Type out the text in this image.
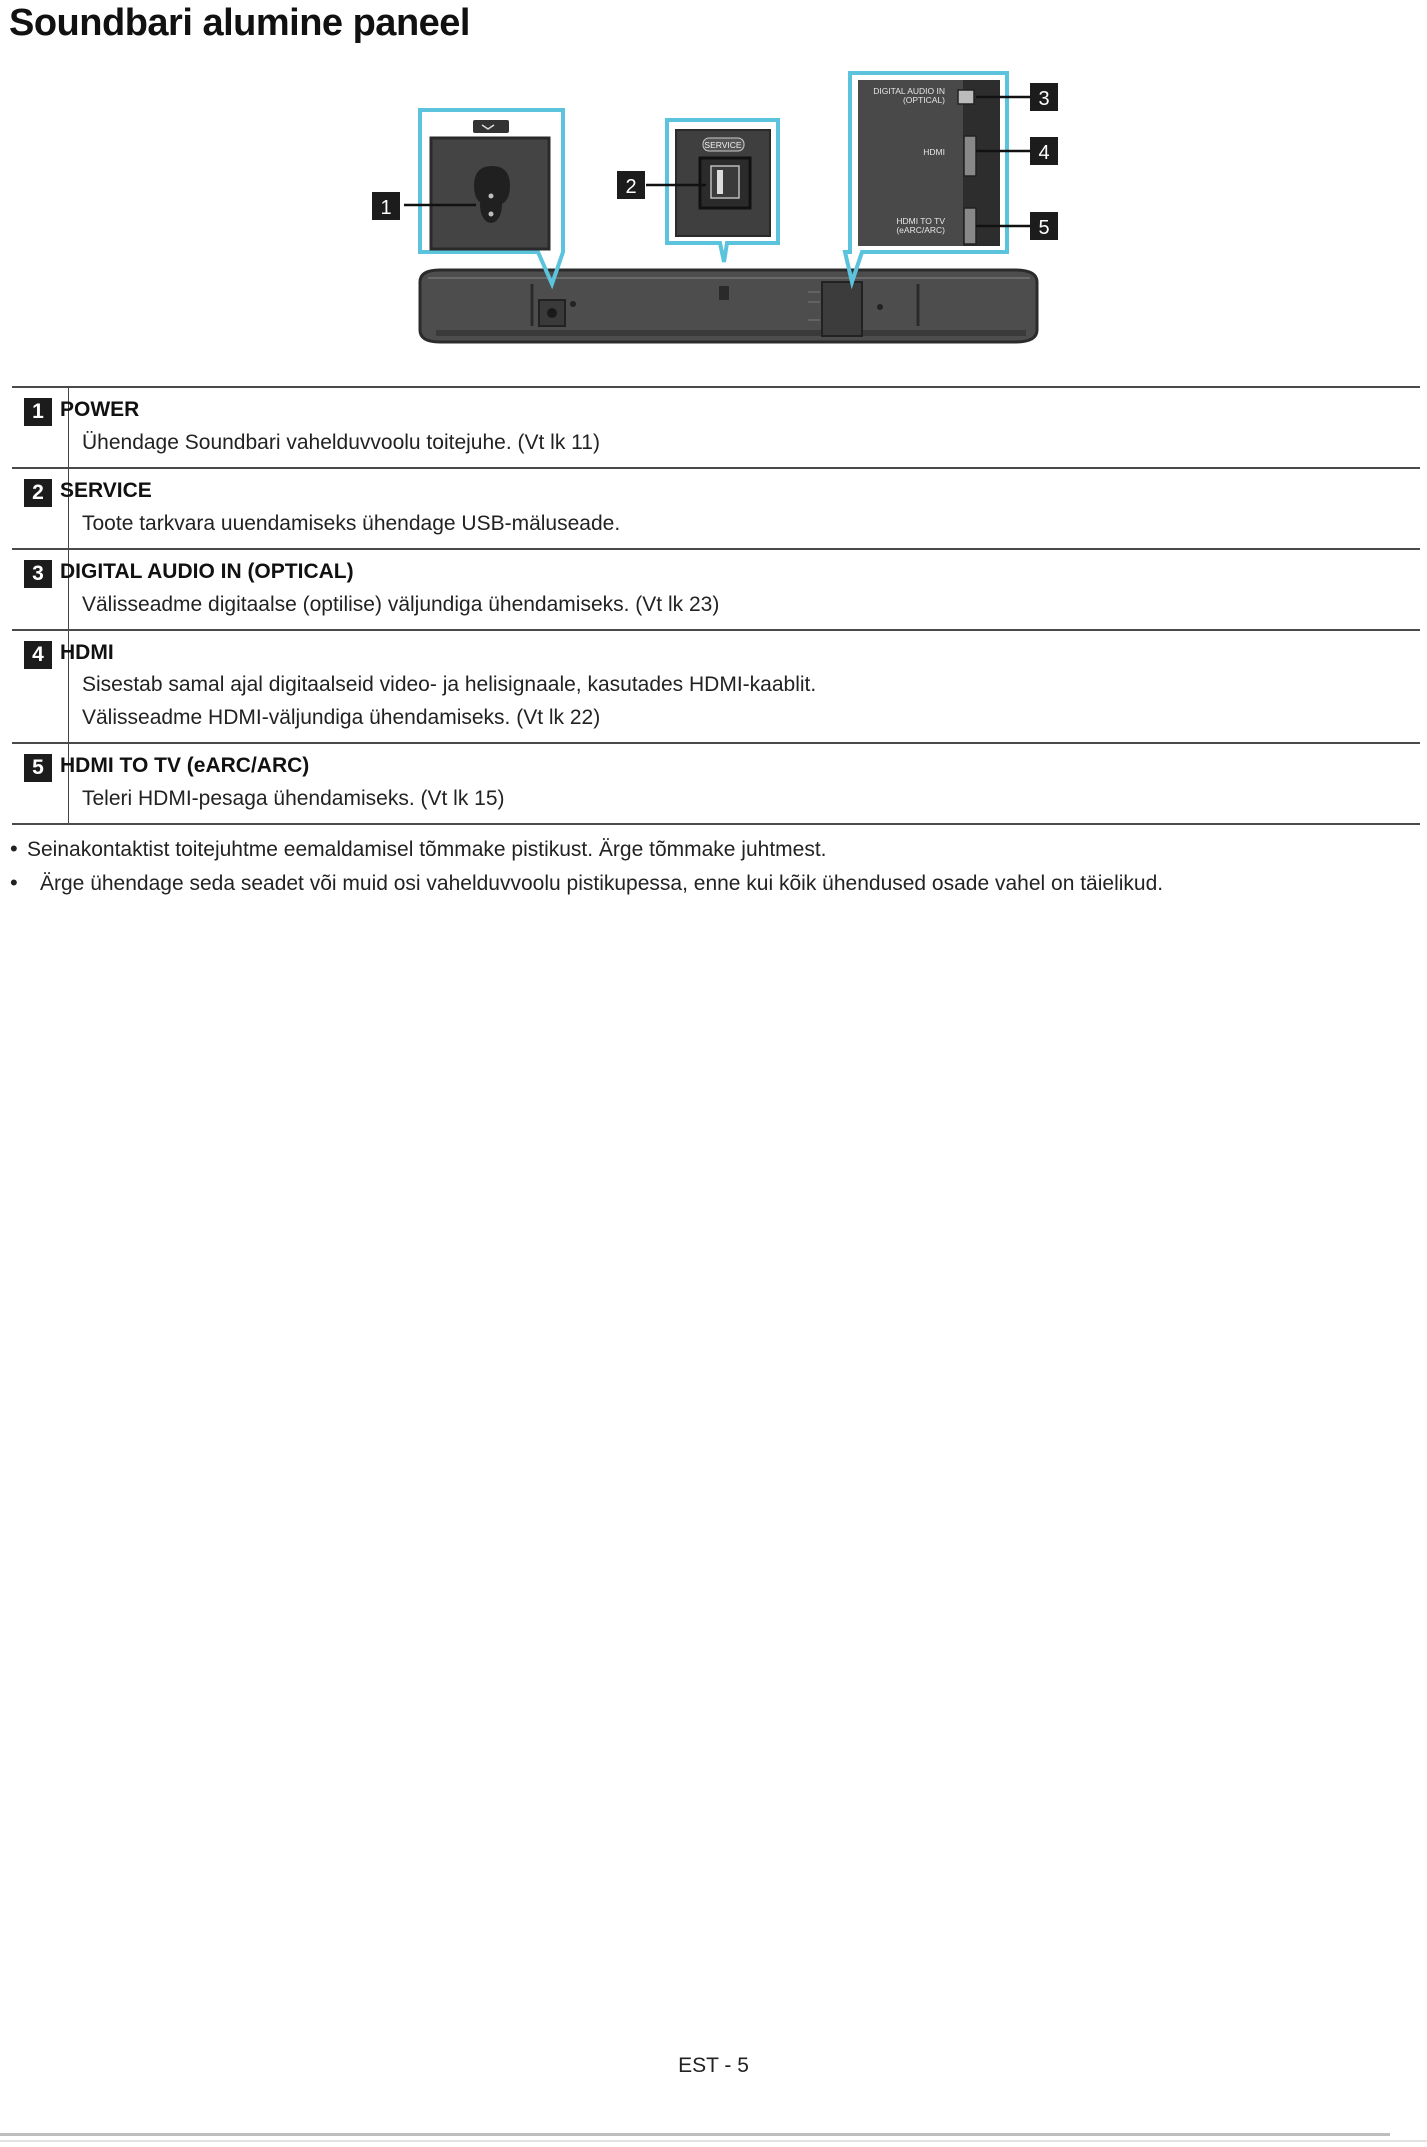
Soundbari alumine paneel
DIGITAL AUDIO IN
(OPTICAL)
HDMI
HDMI TO TV
(eARC/ARC)
SERVICE
1
2
3
4
5
1 POWER
Ühendage Soundbari vahelduvvoolu toitejuhe. (Vt lk 11)
2 SERVICE
Toote tarkvara uuendamiseks ühendage USB-mäluseade.
3 DIGITAL AUDIO IN (OPTICAL)
Välisseadme digitaalse (optilise) väljundiga ühendamiseks. (Vt lk 23)
4 HDMI
Sisestab samal ajal digitaalseid video- ja helisignaale, kasutades HDMI-kaablit.
Välisseadme HDMI-väljundiga ühendamiseks. (Vt lk 22)
5 HDMI TO TV (eARC/ARC)
Teleri HDMI-pesaga ühendamiseks. (Vt lk 15)
• Seinakontaktist toitejuhtme eemaldamisel tõmmake pistikust. Ärge tõmmake juhtmest.
• Ärge ühendage seda seadet või muid osi vahelduvvoolu pistikupessa, enne kui kõik ühendused osade vahel on täielikud.
EST - 5
